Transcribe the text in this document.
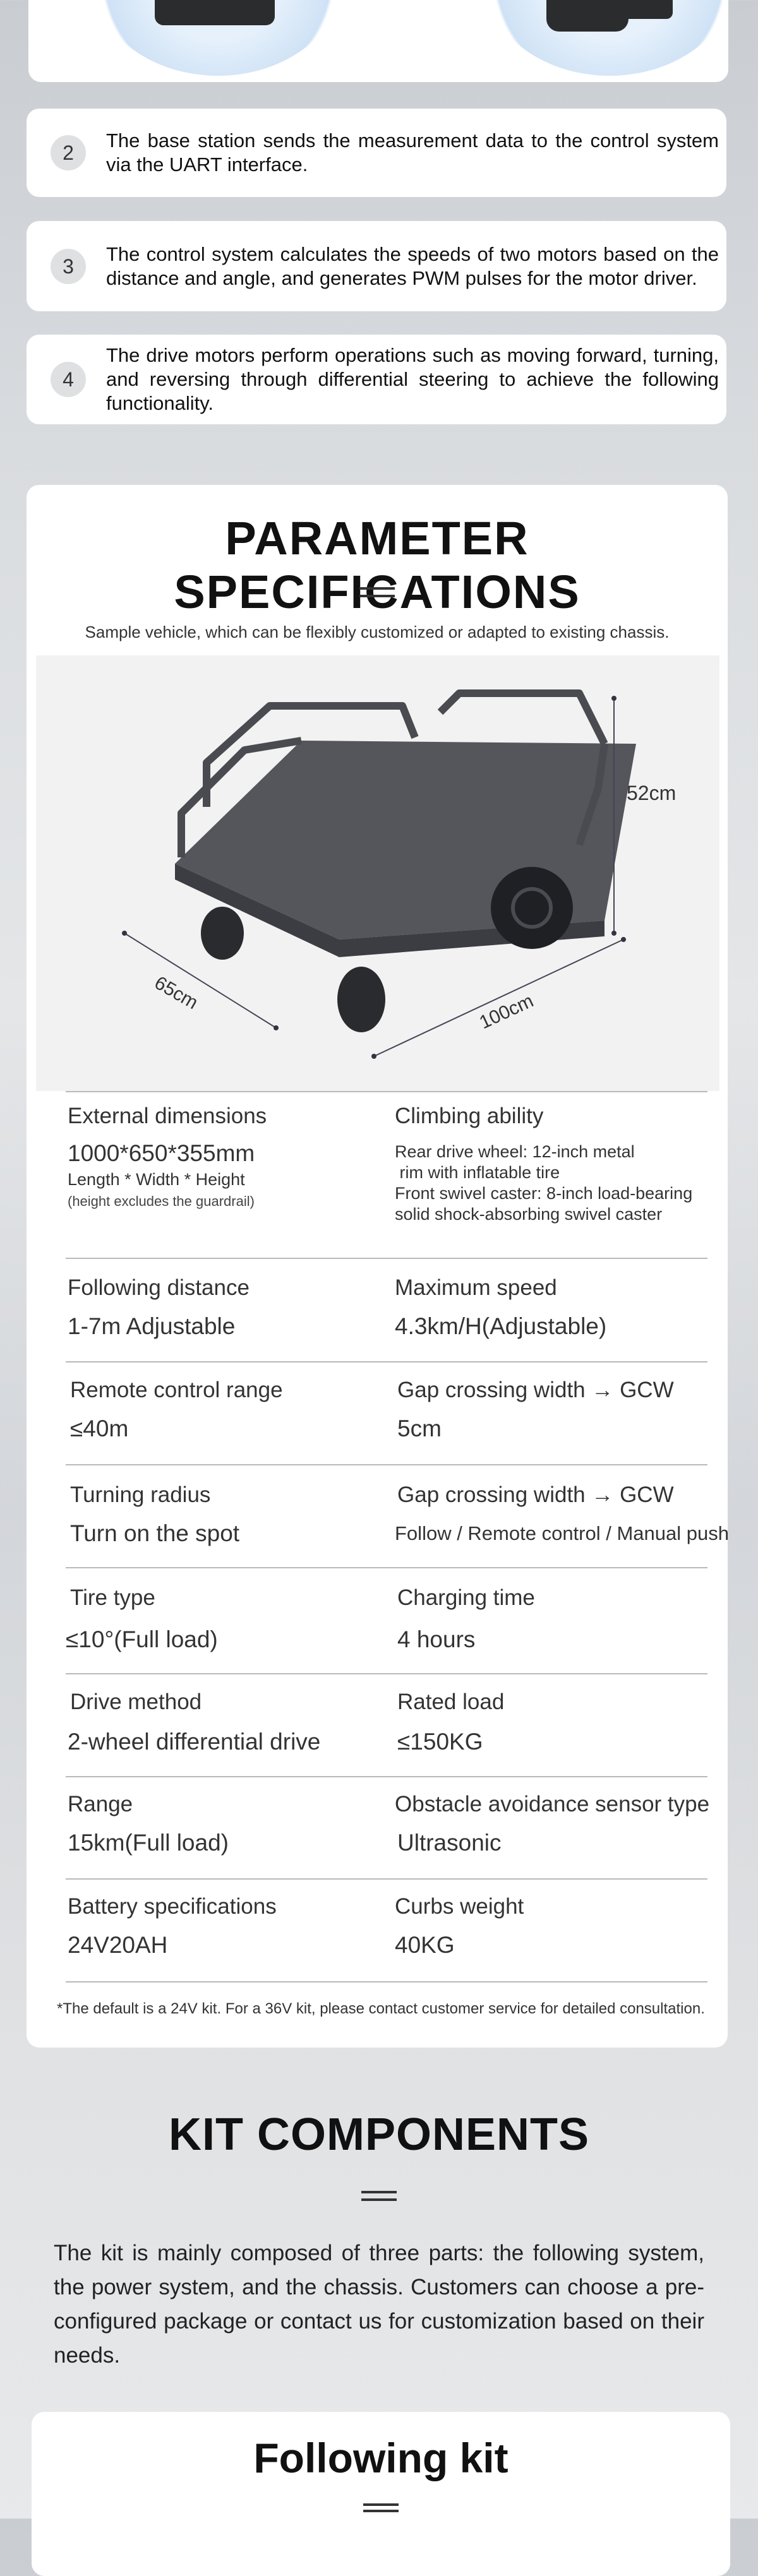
2
The base station sends the measurement data to the control system via the UART interface.
3
The control system calculates the speeds of two motors based on the distance and angle, and generates PWM pulses for the motor driver.
4
The drive motors perform operations such as moving forward, turning, and reversing through differential steering to achieve the following functionality.
PARAMETER SPECIFICATIONS
Sample vehicle, which can be flexibly customized or adapted to existing chassis.
52cm
65cm	100cm
External dimensions
1000*650*355mm
Length * Width * Height
(height excludes the guardrail)
Climbing ability
Rear drive wheel: 12-inch metal
rim with inflatable tire
Front swivel caster: 8-inch load-bearing
solid shock-absorbing swivel caster
Following distance
1-7m Adjustable
Maximum speed
4.3km/H(Adjustable)
Remote control range
≤40m
Gap crossing width → GCW
5cm
Turning radius
Turn on the spot
Gap crossing width → GCW
Follow / Remote control / Manual push
Tire type
≤10°(Full load)
Charging time
4 hours
Drive method
2-wheel differential drive
Rated load
≤150KG
Range
15km(Full load)
Obstacle avoidance sensor type
Ultrasonic
Battery specifications
24V20AH
Curbs weight
40KG
*The default is a 24V kit. For a 36V kit, please contact customer service for detailed consultation.
KIT COMPONENTS
The kit is mainly composed of three parts: the following system, the power system, and the chassis. Customers can choose a pre-configured package or contact us for customization based on their needs.
Following kit
